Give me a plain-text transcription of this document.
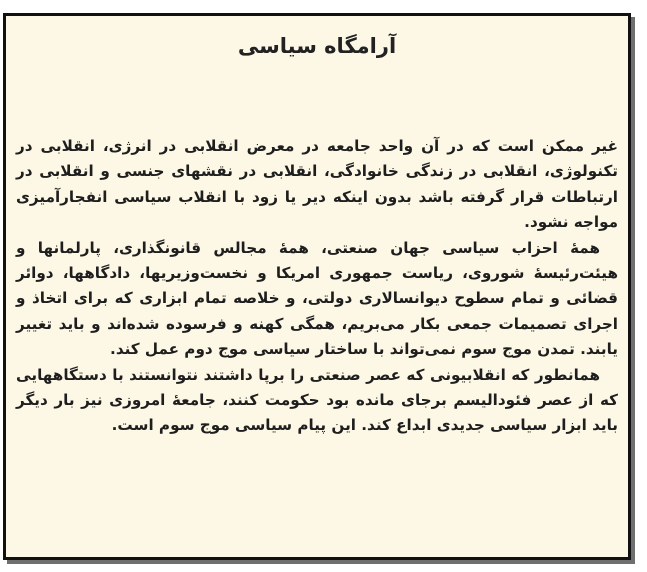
آرامگاه سیاسی

غیر ممکن است که در آن واحد جامعه در معرض انقلابی در انرژی، انقلابی در تکنولوژی، انقلابی در زندگی خانوادگی، انقلابی در نقشهای جنسی و انقلابی در ارتباطات قرار گرفته باشد بدون اینکه دیر یا زود با انقلاب سیاسی انفجارآمیزی مواجه نشود.

همهٔ احزاب سیاسی جهان صنعتی، همهٔ مجالس قانونگذاری، پارلمانها و هیئت‌رئیسهٔ شوروی، ریاست جمهوری امریکا و نخست‌وزیریها، دادگاهها، دوائر قضائی و تمام سطوح دیوانسالاری دولتی، و خلاصه تمام ابزاری که برای اتخاذ و اجرای تصمیمات جمعی بکار می‌بریم، همگی کهنه و فرسوده شده‌اند و باید تغییر یابند. تمدن موج سوم نمی‌تواند با ساختار سیاسی موج دوم عمل کند.

همانطور که انقلابیونی که عصر صنعتی را برپا داشتند نتوانستند با دستگاههایی که از عصر فئودالیسم برجای مانده بود حکومت کنند، جامعهٔ امروزی نیز بار دیگر باید ابزار سیاسی جدیدی ابداع کند. این پیام سیاسی موج سوم است.
